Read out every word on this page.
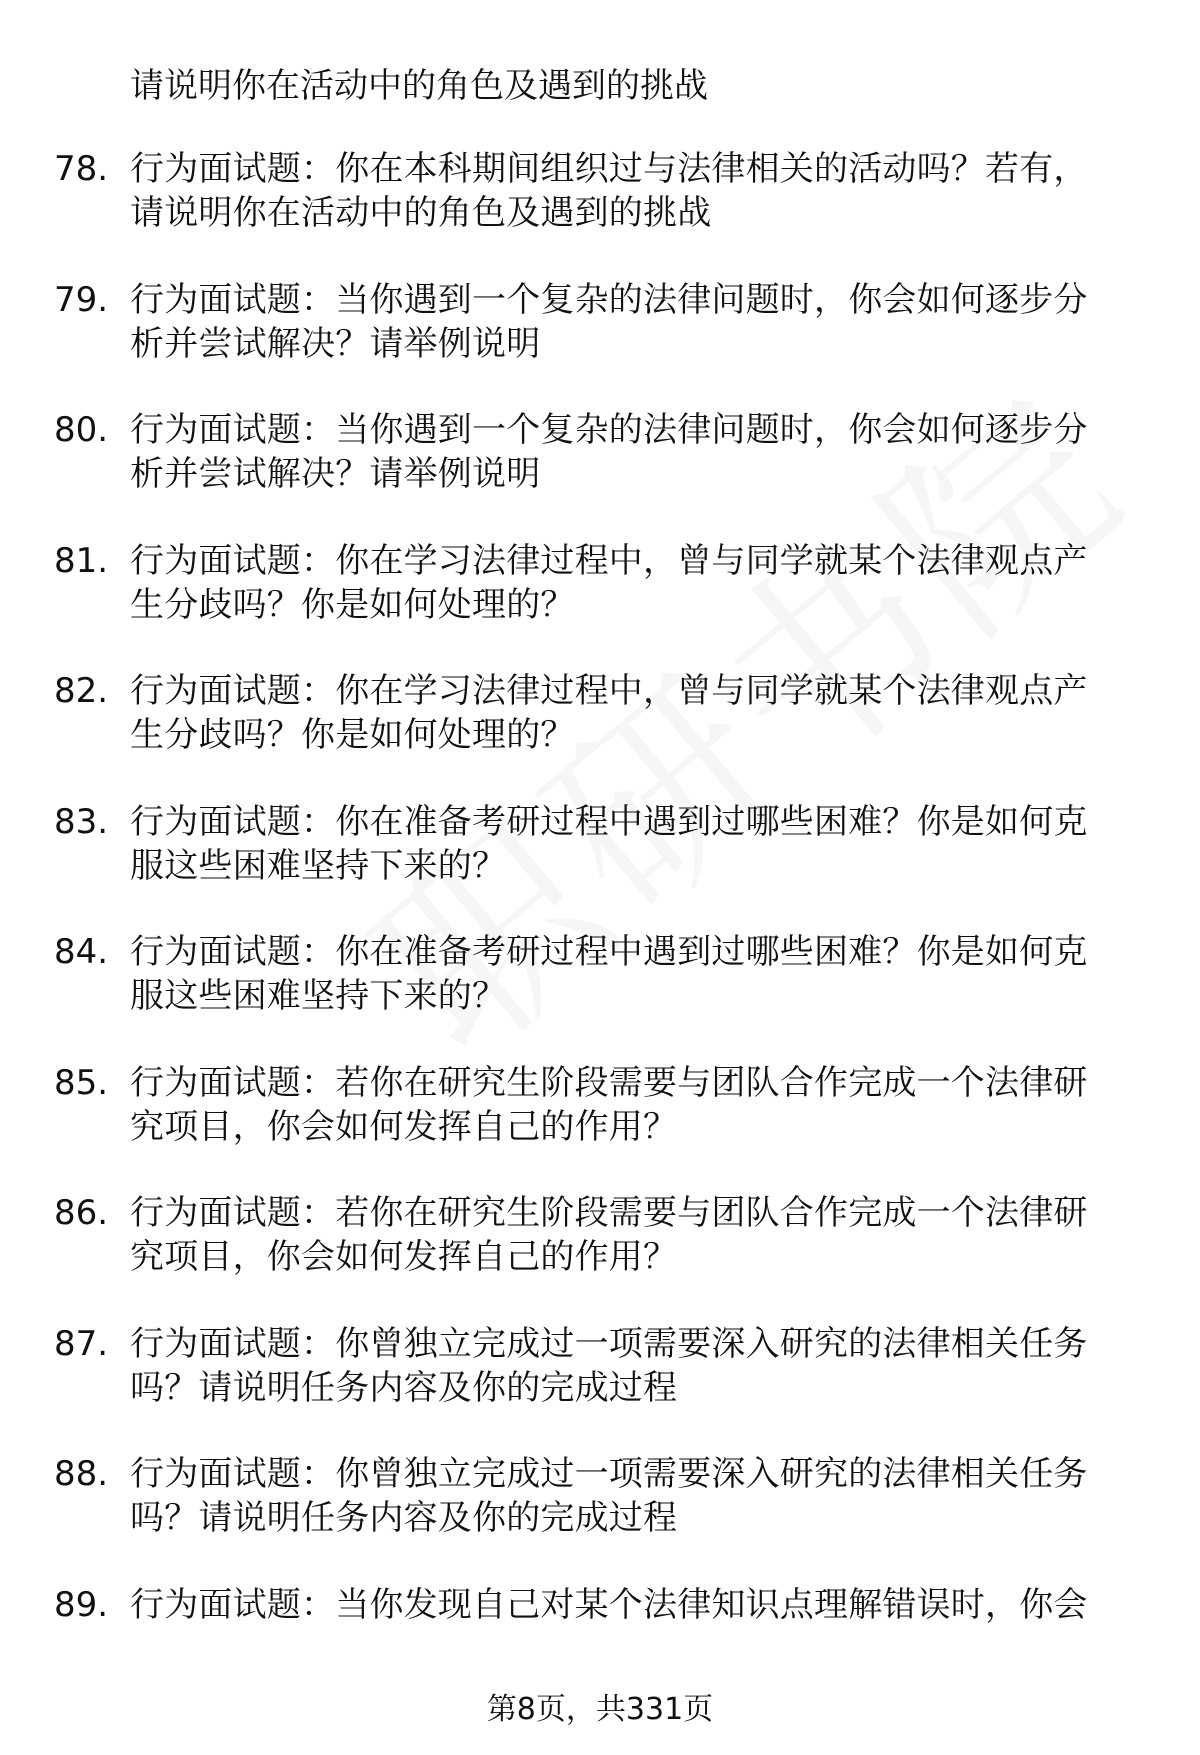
请说明你在活动中的角色及遇到的挑战
78. 行为面试题：你在本科期间组织过与法律相关的活动吗？若有，
请说明你在活动中的角色及遇到的挑战
79. 行为面试题：当你遇到一个复杂的法律问题时，你会如何逐步分
析并尝试解决？请举例说明
80. 行为面试题：当你遇到一个复杂的法律问题时，你会如何逐步分
析并尝试解决？请举例说明
81. 行为面试题：你在学习法律过程中，曾与同学就某个法律观点产
生分歧吗？你是如何处理的？
82. 行为面试题：你在学习法律过程中，曾与同学就某个法律观点产
生分歧吗？你是如何处理的？
83. 行为面试题：你在准备考研过程中遇到过哪些困难？你是如何克
服这些困难坚持下来的？
84. 行为面试题：你在准备考研过程中遇到过哪些困难？你是如何克
服这些困难坚持下来的？
85. 行为面试题：若你在研究生阶段需要与团队合作完成一个法律研
究项目，你会如何发挥自己的作用？
86. 行为面试题：若你在研究生阶段需要与团队合作完成一个法律研
究项目，你会如何发挥自己的作用？
87. 行为面试题：你曾独立完成过一项需要深入研究的法律相关任务
吗？请说明任务内容及你的完成过程
88. 行为面试题：你曾独立完成过一项需要深入研究的法律相关任务
吗？请说明任务内容及你的完成过程
89. 行为面试题：当你发现自己对某个法律知识点理解错误时，你会
第8页，共331页
